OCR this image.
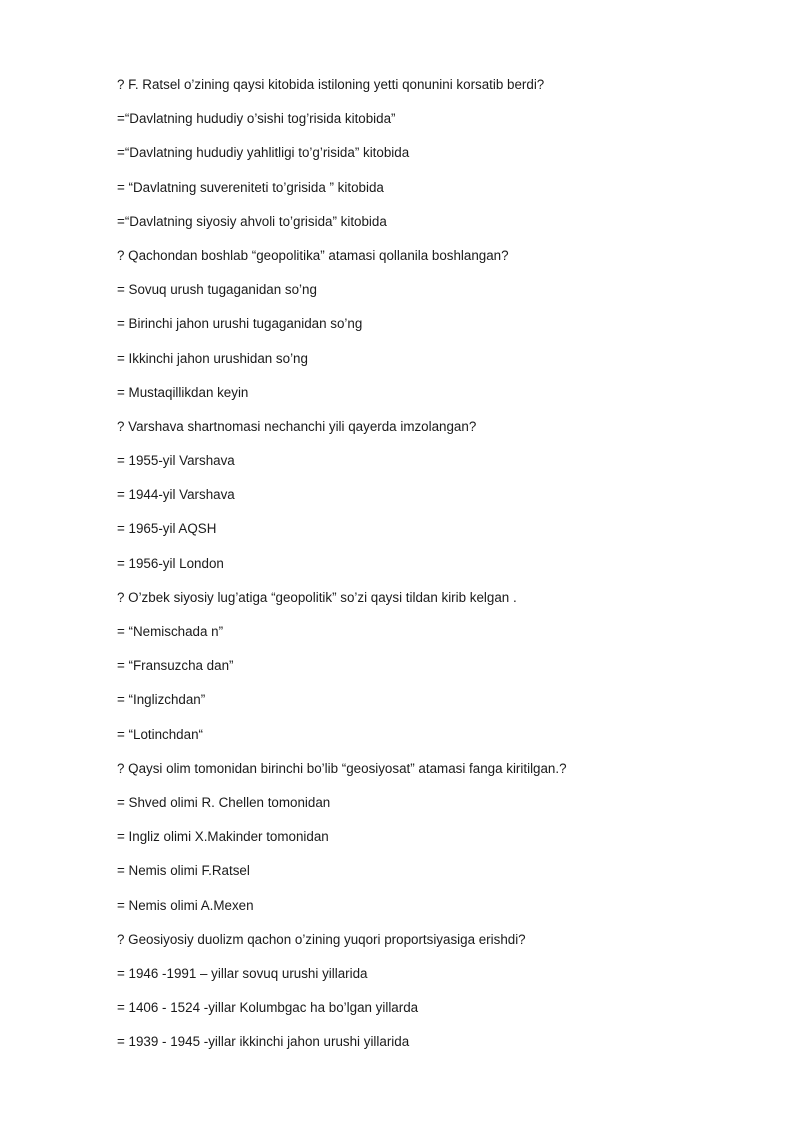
? F. Ratsel o’zining qaysi kitobida istiloning yetti qonunini korsatib berdi?
=“Davlatning hududiy o’sishi tog’risida kitobida”
=“Davlatning hududiy yahlitligi to’g’risida” kitobida
= “Davlatning suvereniteti to’grisida ” kitobida
=“Davlatning siyosiy ahvoli to’grisida” kitobida
? Qachondan boshlab “geopolitika” atamasi qollanila boshlangan?
= Sovuq urush tugaganidan so’ng
= Birinchi jahon urushi tugaganidan so’ng
= Ikkinchi jahon urushidan so’ng
= Mustaqillikdan keyin
? Varshava shartnomasi nechanchi yili qayerda imzolangan?
= 1955-yil Varshava
= 1944-yil Varshava
= 1965-yil AQSH
= 1956-yil London
? O’zbek siyosiy lug’atiga “geopolitik” so’zi qaysi tildan kirib kelgan .
= “Nemischada n”
= “Fransuzcha dan”
= “Inglizchdan”
= “Lotinchdan“
? Qaysi olim tomonidan birinchi bo’lib “geosiyosat” atamasi fanga kiritilgan.?
= Shved olimi R. Chellen tomonidan
= Ingliz olimi X.Makinder tomonidan
= Nemis olimi F.Ratsel
= Nemis olimi A.Mexen
? Geosiyosiy duolizm qachon o’zining yuqori proportsiyasiga erishdi?
= 1946 -1991 – yillar sovuq urushi yillarida
= 1406 - 1524 -yillar Kolumbgac ha bo’lgan yillarda
= 1939 - 1945 -yillar ikkinchi jahon urushi yillarida
